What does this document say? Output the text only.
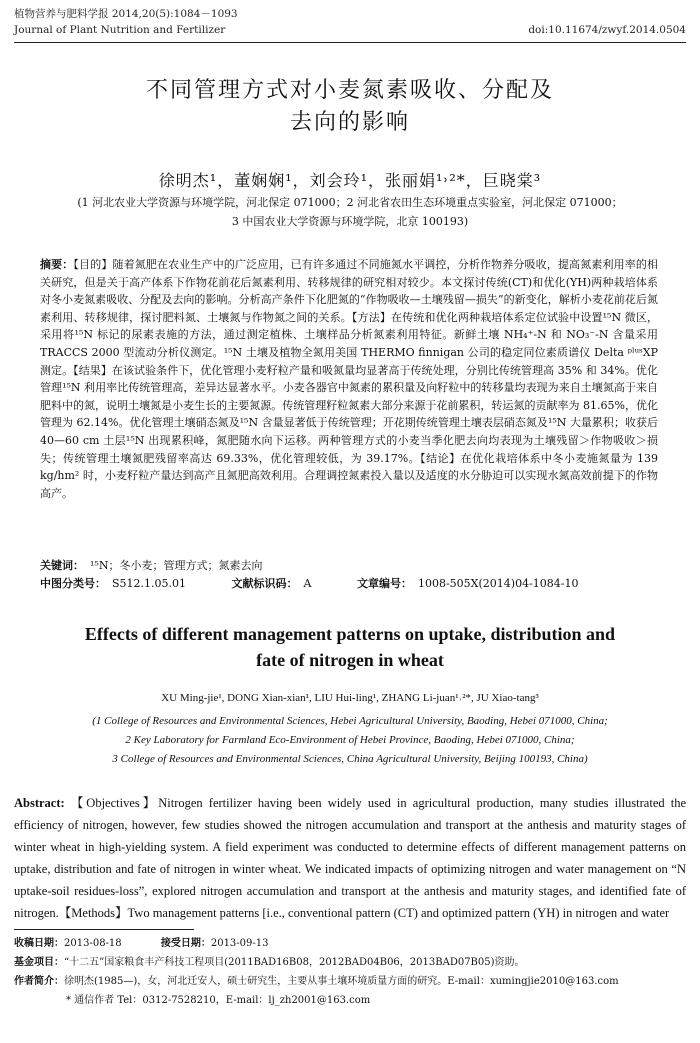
植物营养与肥料学报 2014,20(5):1084－1093
Journal of Plant Nutrition and Fertilizer	doi:10.11674/zwyf.2014.0504
不同管理方式对小麦氮素吸收、分配及
去向的影响
徐明杰¹，董娴娴¹，刘会玲¹，张丽娟¹˒²*，巨晓棠³
(1 河北农业大学资源与环境学院，河北保定 071000；2 河北省农田生态环境重点实验室，河北保定 071000；
3 中国农业大学资源与环境学院，北京 100193)
摘要：【目的】随着氮肥在农业生产中的广泛应用，已有许多通过不同施氮水平调控，分析作物养分吸收，提高氮素利用率的相关研究，但是关于高产体系下作物花前花后氮素利用、转移规律的研究相对较少。本文探讨传统(CT)和优化(YH)两种栽培体系对冬小麦氮素吸收、分配及去向的影响。分析高产条件下化肥氮的“作物吸收—土壤残留—损失”的新变化，解析小麦花前花后氮素利用、转移规律，探讨肥料氮、土壤氮与作物氮之间的关系。【方法】在传统和优化两种栽培体系定位试验中设置¹⁵N 微区，采用将¹⁵N 标记的尿素表施的方法，通过测定植株、土壤样品分析氮素利用特征。新鲜土壤 NH₄⁺-N 和 NO₃⁻-N 含量采用 TRACCS 2000 型流动分析仪测定。¹⁵N 土壤及植物全氮用美国 THERMO finnigan 公司的稳定同位素质谱仪 Delta ᵖˡᵘˢXP 测定。【结果】在该试验条件下，优化管理小麦籽粒产量和吸氮量均显著高于传统处理，分别比传统管理高 35% 和 34%。优化管理¹⁵N 利用率比传统管理高，差异达显著水平。小麦各器官中氮素的累积量及向籽粒中的转移量均表现为来自土壤氮高于来自肥料中的氮，说明土壤氮是小麦生长的主要氮源。传统管理籽粒氮素大部分来源于花前累积，转运氮的贡献率为 81.65%，优化管理为 62.14%。优化管理土壤硝态氮及¹⁵N 含量显著低于传统管理；开花期传统管理土壤表层硝态氮及¹⁵N 大量累积；收获后 40—60 cm 土层¹⁵N 出现累积峰，氮肥随水向下运移。两种管理方式的小麦当季化肥去向均表现为土壤残留＞作物吸收＞损失；传统管理土壤氮肥残留率高达 69.33%，优化管理较低，为 39.17%。【结论】在优化栽培体系中冬小麦施氮量为 139 kg/hm² 时，小麦籽粒产量达到高产且氮肥高效利用。合理调控氮素投入量以及适度的水分胁迫可以实现水氮高效前提下的作物高产。
关键词： ¹⁵N；冬小麦；管理方式；氮素去向
中图分类号： S512.1.05.01	文献标识码： A	文章编号： 1008-505X(2014)04-1084-10
Effects of different management patterns on uptake, distribution and
fate of nitrogen in wheat
XU Ming-jie¹, DONG Xian-xian¹, LIU Hui-ling¹, ZHANG Li-juan¹˒²*, JU Xiao-tang³
(1 College of Resources and Environmental Sciences, Hebei Agricultural University, Baoding, Hebei 071000, China;
2 Key Laboratory for Farmland Eco-Environment of Hebei Province, Baoding, Hebei 071000, China;
3 College of Resources and Environmental Sciences, China Agricultural University, Beijing 100193, China)
Abstract: 【Objectives】Nitrogen fertilizer having been widely used in agricultural production, many studies illustrated the efficiency of nitrogen, however, few studies showed the nitrogen accumulation and transport at the anthesis and maturity stages of winter wheat in high-yielding system. A field experiment was conducted to determine effects of different management patterns on uptake, distribution and fate of nitrogen in winter wheat. We indicated impacts of optimizing nitrogen and water management on “N uptake-soil residues-loss”, explored nitrogen accumulation and transport at the anthesis and maturity stages, and identified fate of nitrogen.【Methods】Two management patterns [i.e., conventional pattern (CT) and optimized pattern (YH) in nitrogen and water
收稿日期：2013-08-18	接受日期：2013-09-13
基金项目：“十二五”国家粮食丰产科技工程项目(2011BAD16B08，2012BAD04B06，2013BAD07B05)资助。
作者简介：徐明杰(1985—)，女，河北迁安人，硕士研究生，主要从事土壤环境质量方面的研究。E-mail：xumingjie2010@163.com
* 通信作者 Tel：0312-7528210，E-mail：lj_zh2001@163.com
